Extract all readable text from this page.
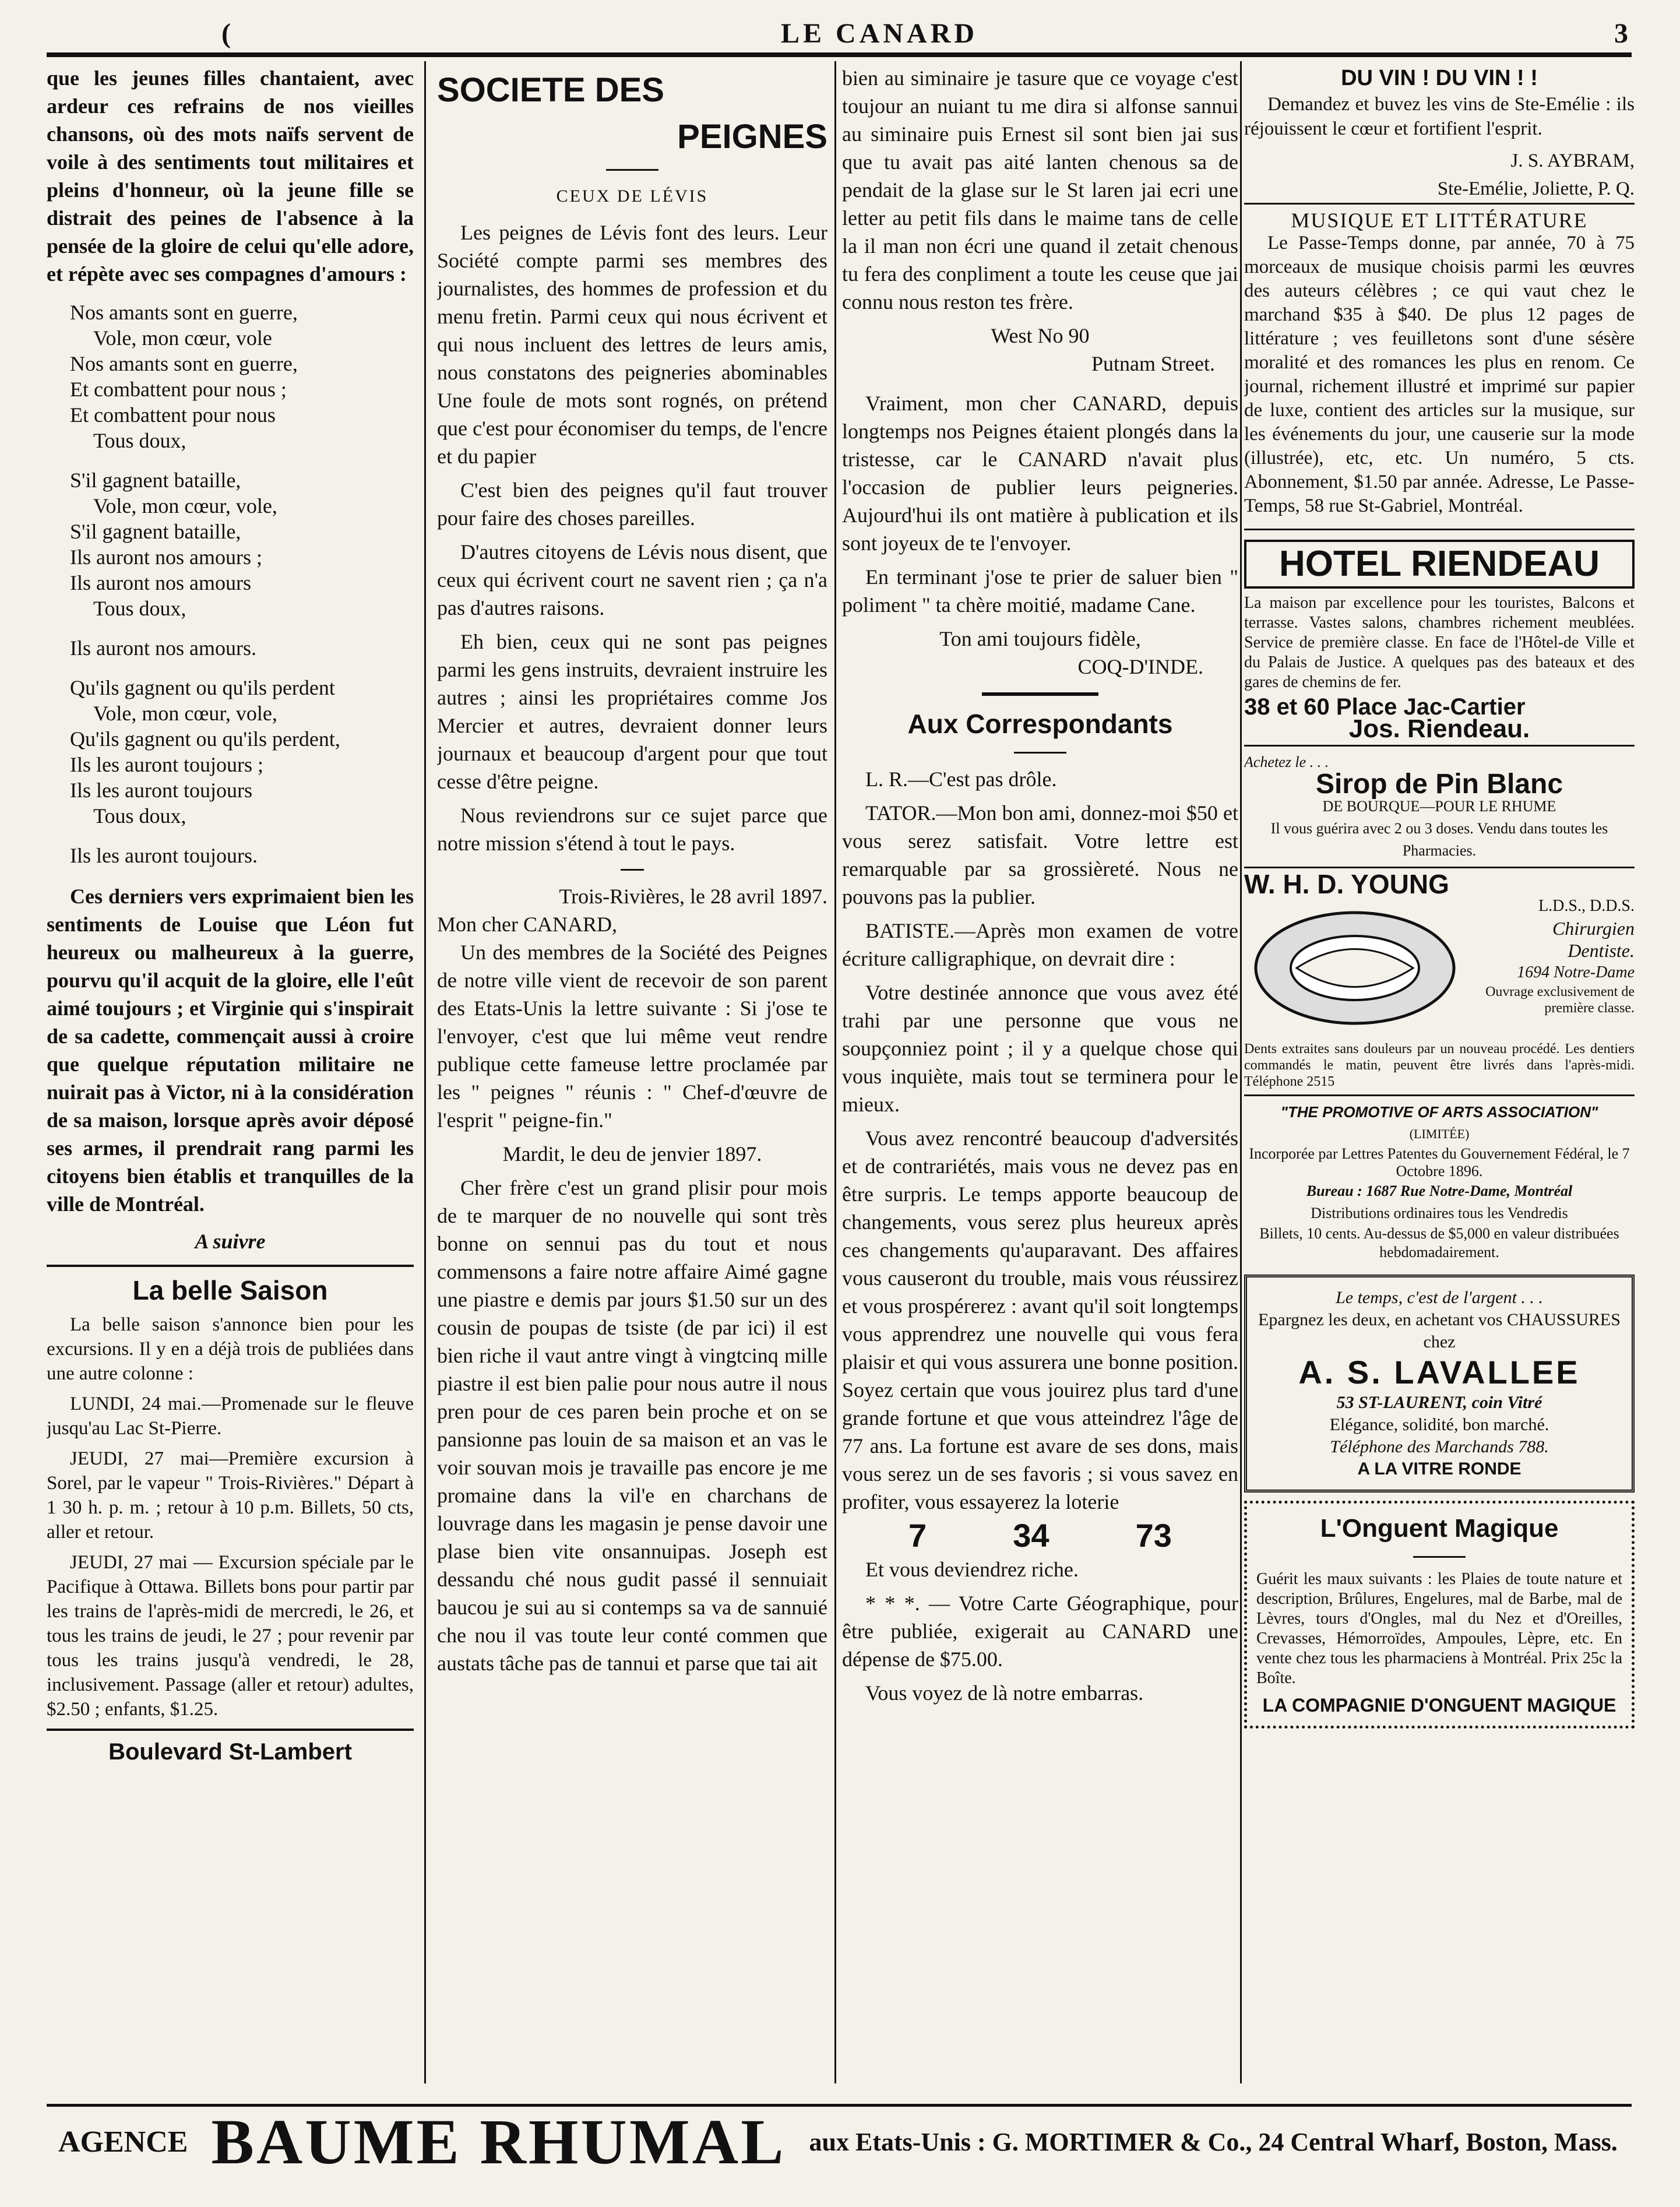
(	LE CANARD	3

que les jeunes filles chantaient, avec ardeur ces refrains de nos vieilles chansons, où des mots naïfs servent de voile à des sentiments tout militaires et pleins d'honneur, où la jeune fille se distrait des peines de l'absence à la pensée de la gloire de celui qu'elle adore, et répète avec ses compagnes d'amours :

Nos amants sont en guerre,
Vole, mon cœur, vole
Nos amants sont en guerre,
Et combattent pour nous ;
Et combattent pour nous
Tous doux,
S'il gagnent bataille,
Vole, mon cœur, vole,
S'il gagnent bataille,
Ils auront nos amours ;
Ils auront nos amours
Tous doux,
Ils auront nos amours.
Qu'ils gagnent ou qu'ils perdent
Vole, mon cœur, vole,
Qu'ils gagnent ou qu'ils perdent,
Ils les auront toujours ;
Ils les auront toujours
Tous doux,
Ils les auront toujours.

Ces derniers vers exprimaient bien les sentiments de Louise que Léon fut heureux ou malheureux à la guerre, pourvu qu'il acquit de la gloire, elle l'eût aimé toujours ; et Virginie qui s'inspirait de sa cadette, commençait aussi à croire que quelque réputation militaire ne nuirait pas à Victor, ni à la considération de sa maison, lorsque après avoir déposé ses armes, il prendrait rang parmi les citoyens bien établis et tranquilles de la ville de Montréal.

A suivre
La belle Saison

La belle saison s'annonce bien pour les excursions. Il y en a déjà trois de publiées dans une autre colonne :

LUNDI, 24 mai.—Promenade sur le fleuve jusqu'au Lac St-Pierre.

JEUDI, 27 mai—Première excursion à Sorel, par le vapeur " Trois-Rivières." Départ à 1 30 h. p. m. ; retour à 10 p.m. Billets, 50 cts, aller et retour.

JEUDI, 27 mai — Excursion spéciale par le Pacifique à Ottawa. Billets bons pour partir par les trains de l'après-midi de mercredi, le 26, et tous les trains de jeudi, le 27 ; pour revenir par tous les trains jusqu'à vendredi, le 28, inclusivement. Passage (aller et retour) adultes, $2.50 ; enfants, $1.25.

Boulevard St-Lambert
SOCIETE DES
PEIGNES
CEUX DE LÉVIS

Les peignes de Lévis font des leurs. Leur Société compte parmi ses membres des journalistes, des hommes de profession et du menu fretin. Parmi ceux qui nous écrivent et qui nous incluent des lettres de leurs amis, nous constatons des peigneries abominables Une foule de mots sont rognés, on prétend que c'est pour économiser du temps, de l'encre et du papier

C'est bien des peignes qu'il faut trouver pour faire des choses pareilles.

D'autres citoyens de Lévis nous disent, que ceux qui écrivent court ne savent rien ; ça n'a pas d'autres raisons.

Eh bien, ceux qui ne sont pas peignes parmi les gens instruits, devraient instruire les autres ; ainsi les propriétaires comme Jos Mercier et autres, devraient donner leurs journaux et beaucoup d'argent pour que tout cesse d'être peigne.

Nous reviendrons sur ce sujet parce que notre mission s'étend à tout le pays.

Trois-Rivières, le 28 avril 1897.
Mon cher CANARD,

Un des membres de la Société des Peignes de notre ville vient de recevoir de son parent des Etats-Unis la lettre suivante : Si j'ose te l'envoyer, c'est que lui même veut rendre publique cette fameuse lettre proclamée par les " peignes " réunis : " Chef-d'œuvre de l'esprit " peigne-fin."

Mardit, le deu de jenvier 1897.

Cher frère c'est un grand plisir pour mois de te marquer de no nouvelle qui sont très bonne on sennui pas du tout et nous commensons a faire notre affaire Aimé gagne une piastre e demis par jours $1.50 sur un des cousin de poupas de tsiste (de par ici) il est bien riche il vaut antre vingt à vingtcinq mille piastre il est bien palie pour nous autre il nous pren pour de ces paren bein proche et on se pansionne pas louin de sa maison et an vas le voir souvan mois je travaille pas encore je me promaine dans la vil'e en charchans de louvrage dans les magasin je pense davoir une plase bien vite onsannuipas. Joseph est dessandu ché nous gudit passé il sennuiait baucou je sui au si contemps sa va de sannuié che nou il vas toute leur conté commen que austats tâche pas de tannui et parse que tai ait

bien au siminaire je tasure que ce voyage c'est toujour an nuiant tu me dira si alfonse sannui au siminaire puis Ernest sil sont bien jai sus que tu avait pas aité lanten chenous sa de pendait de la glase sur le St laren jai ecri une letter au petit fils dans le maime tans de celle la il man non écri une quand il zetait chenous tu fera des conpliment a toute les ceuse que jai connu nous reston tes frère.

West No 90
Putnam Street.

Vraiment, mon cher CANARD, depuis longtemps nos Peignes étaient plongés dans la tristesse, car le CANARD n'avait plus l'occasion de publier leurs peigneries. Aujourd'hui ils ont matière à publication et ils sont joyeux de te l'envoyer.

En terminant j'ose te prier de saluer bien " poliment " ta chère moitié, madame Cane.

Ton ami toujours fidèle,
COQ-D'INDE.
Aux Correspondants

L. R.—C'est pas drôle.

TATOR.—Mon bon ami, donnez-moi $50 et vous serez satisfait. Votre lettre est remarquable par sa grossièreté. Nous ne pouvons pas la publier.

BATISTE.—Après mon examen de votre écriture calligraphique, on devrait dire :

Votre destinée annonce que vous avez été trahi par une personne que vous ne soupçonniez point ; il y a quelque chose qui vous inquiète, mais tout se terminera pour le mieux.

Vous avez rencontré beaucoup d'adversités et de contrariétés, mais vous ne devez pas en être surpris. Le temps apporte beaucoup de changements, vous serez plus heureux après ces changements qu'auparavant. Des affaires vous causeront du trouble, mais vous réussirez et vous prospérerez : avant qu'il soit longtemps vous apprendrez une nouvelle qui vous fera plaisir et qui vous assurera une bonne position. Soyez certain que vous jouirez plus tard d'une grande fortune et que vous atteindrez l'âge de 77 ans. La fortune est avare de ses dons, mais vous serez un de ses favoris ; si vous savez en profiter, vous essayerez la loterie

7	34	73

Et vous deviendrez riche.

* * *. — Votre Carte Géographique, pour être publiée, exigerait au CANARD une dépense de $75.00.

Vous voyez de là notre embarras.

DU VIN ! DU VIN ! !

Demandez et buvez les vins de Ste-Emélie : ils réjouissent le cœur et fortifient l'esprit.

J. S. AYBRAM,
Ste-Emélie, Joliette, P. Q.
MUSIQUE ET LITTÉRATURE

Le Passe-Temps donne, par année, 70 à 75 morceaux de musique choisis parmi les œuvres des auteurs célèbres ; ce qui vaut chez le marchand $35 à $40. De plus 12 pages de littérature ; ves feuilletons sont d'une sésère moralité et des romances les plus en renom. Ce journal, richement illustré et imprimé sur papier de luxe, contient des articles sur la musique, sur les événements du jour, une causerie sur la mode (illustrée), etc, etc. Un numéro, 5 cts. Abonnement, $1.50 par année. Adresse, Le Passe-Temps, 58 rue St-Gabriel, Montréal.

HOTEL RIENDEAU
La maison par excellence pour les touristes, Balcons et terrasse. Vastes salons, chambres richement meublées. Service de première classe. En face de l'Hôtel-de Ville et du Palais de Justice. A quelques pas des bateaux et des gares de chemins de fer.
38 et 60 Place Jac-Cartier
Jos. Riendeau.
Achetez le . . .
Sirop de Pin Blanc
DE BOURQUE—POUR LE RHUME
Il vous guérira avec 2 ou 3 doses. Vendu dans toutes les Pharmacies.
W. H. D. YOUNG
L.D.S., D.D.S.
Chirurgien
Dentiste.
1694 Notre-Dame
Ouvrage exclusivement de première classe.
Dents extraites sans douleurs par un nouveau procédé. Les dentiers commandés le matin, peuvent être livrés dans l'après-midi. Téléphone 2515
"THE PROMOTIVE OF ARTS ASSOCIATION"
(LIMITÉE)
Incorporée par Lettres Patentes du Gouvernement Fédéral, le 7 Octobre 1896.
Bureau : 1687 Rue Notre-Dame, Montréal
Distributions ordinaires tous les Vendredis
Billets, 10 cents. Au-dessus de $5,000 en valeur distribuées hebdomadairement.
Le temps, c'est de l'argent . . .
Epargnez les deux, en achetant vos CHAUSSURES chez
A. S. LAVALLEE
53 ST-LAURENT, coin Vitré
Elégance, solidité, bon marché.
Téléphone des Marchands 788.
A LA VITRE RONDE
L'Onguent Magique
Guérit les maux suivants : les Plaies de toute nature et description, Brûlures, Engelures, mal de Barbe, mal de Lèvres, tours d'Ongles, mal du Nez et d'Oreilles, Crevasses, Hémorroïdes, Ampoules, Lèpre, etc. En vente chez tous les pharmaciens à Montréal. Prix 25c la Boîte.
LA COMPAGNIE D'ONGUENT MAGIQUE
AGENCE BAUME RHUMAL aux Etats-Unis : G. MORTIMER & Co., 24 Central Wharf, Boston, Mass.
